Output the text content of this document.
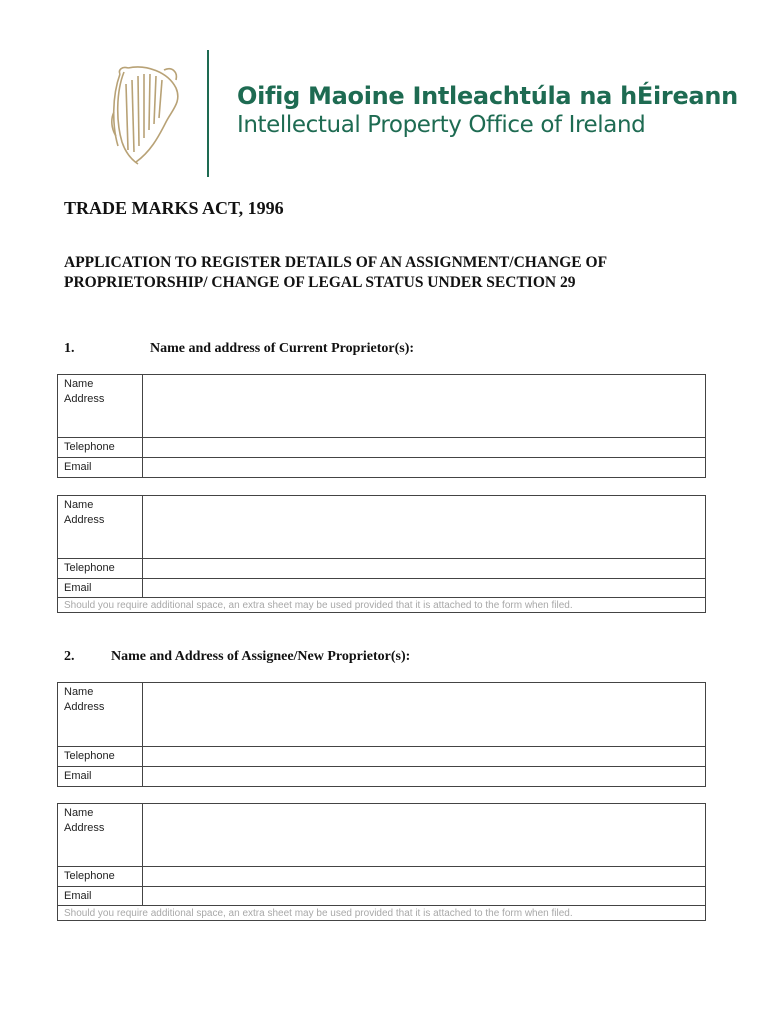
Oifig Maoine Intleachtúla na hÉireann
Intellectual Property Office of Ireland
TRADE MARKS ACT, 1996
APPLICATION TO REGISTER DETAILS OF AN ASSIGNMENT/CHANGE OF PROPRIETORSHIP/ CHANGE OF LEGAL STATUS UNDER SECTION 29
1.	Name and address of Current Proprietor(s):
Name
Address
Telephone
Email
Name
Address
Telephone
Email
Should you require additional space, an extra sheet may be used provided that it is attached to the form when filed.
2.	Name and Address of Assignee/New Proprietor(s):
Name
Address
Telephone
Email
Name
Address
Telephone
Email
Should you require additional space, an extra sheet may be used provided that it is attached to the form when filed.
